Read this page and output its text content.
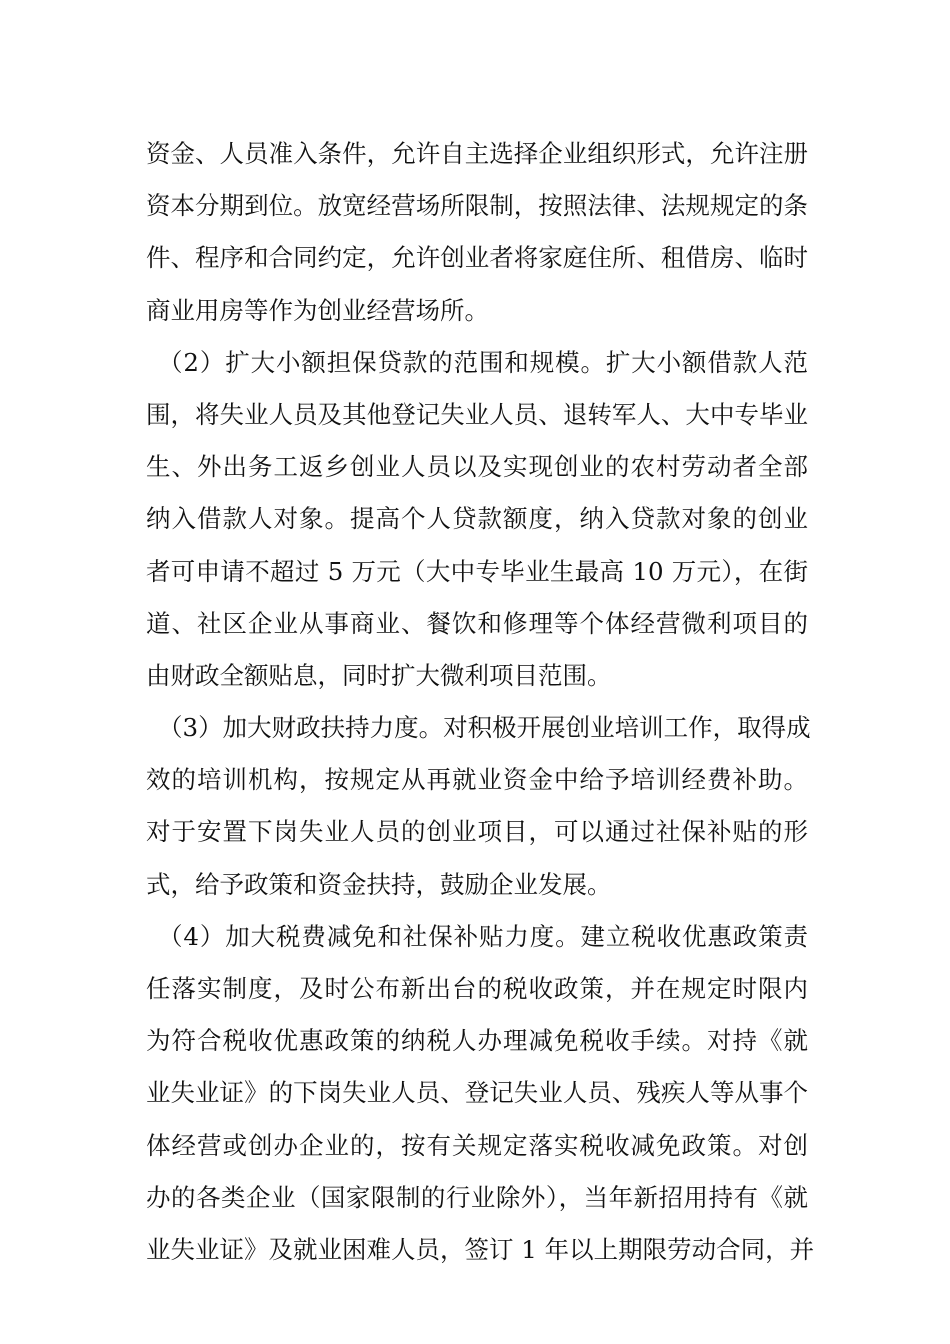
资金、人员准入条件，允许自主选择企业组织形式，允许注册
资本分期到位。放宽经营场所限制，按照法律、法规规定的条
件、程序和合同约定，允许创业者将家庭住所、租借房、临时
商业用房等作为创业经营场所。
（2）扩大小额担保贷款的范围和规模。扩大小额借款人范
围，将失业人员及其他登记失业人员、退转军人、大中专毕业
生、外出务工返乡创业人员以及实现创业的农村劳动者全部
纳入借款人对象。提高个人贷款额度，纳入贷款对象的创业
者可申请不超过 5 万元（大中专毕业生最高 10 万元），在街
道、社区企业从事商业、餐饮和修理等个体经营微利项目的
由财政全额贴息，同时扩大微利项目范围。
（3）加大财政扶持力度。对积极开展创业培训工作，取得成
效的培训机构，按规定从再就业资金中给予培训经费补助。
对于安置下岗失业人员的创业项目，可以通过社保补贴的形
式，给予政策和资金扶持，鼓励企业发展。
（4）加大税费减免和社保补贴力度。建立税收优惠政策责
任落实制度，及时公布新出台的税收政策，并在规定时限内
为符合税收优惠政策的纳税人办理减免税收手续。对持《就
业失业证》的下岗失业人员、登记失业人员、残疾人等从事个
体经营或创办企业的，按有关规定落实税收减免政策。对创
办的各类企业（国家限制的行业除外），当年新招用持有《就
业失业证》及就业困难人员，签订 1 年以上期限劳动合同，并
